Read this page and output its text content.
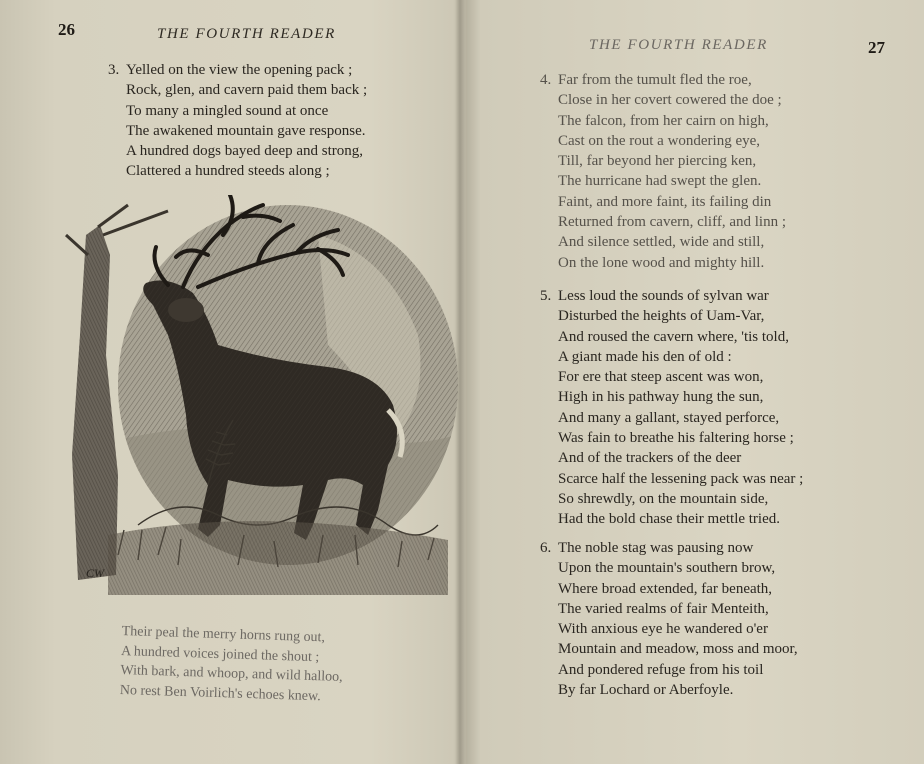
26	THE FOURTH READER
3. Yelled on the view the opening pack ;
Rock, glen, and cavern paid them back ;
To many a mingled sound at once
The awakened mountain gave response.
A hundred dogs bayed deep and strong,
Clattered a hundred steeds along ;
CW
Their peal the merry horns rung out,
A hundred voices joined the shout ;
With bark, and whoop, and wild halloo,
No rest Ben Voirlich's echoes knew.
THE FOURTH READER	27
4. Far from the tumult fled the roe,
Close in her covert cowered the doe ;
The falcon, from her cairn on high,
Cast on the rout a wondering eye,
Till, far beyond her piercing ken,
The hurricane had swept the glen.
Faint, and more faint, its failing din
Returned from cavern, cliff, and linn ;
And silence settled, wide and still,
On the lone wood and mighty hill.
5. Less loud the sounds of sylvan war
Disturbed the heights of Uam-Var,
And roused the cavern where, 'tis told,
A giant made his den of old :
For ere that steep ascent was won,
High in his pathway hung the sun,
And many a gallant, stayed perforce,
Was fain to breathe his faltering horse ;
And of the trackers of the deer
Scarce half the lessening pack was near ;
So shrewdly, on the mountain side,
Had the bold chase their mettle tried.
6. The noble stag was pausing now
Upon the mountain's southern brow,
Where broad extended, far beneath,
The varied realms of fair Menteith,
With anxious eye he wandered o'er
Mountain and meadow, moss and moor,
And pondered refuge from his toil
By far Lochard or Aberfoyle.
